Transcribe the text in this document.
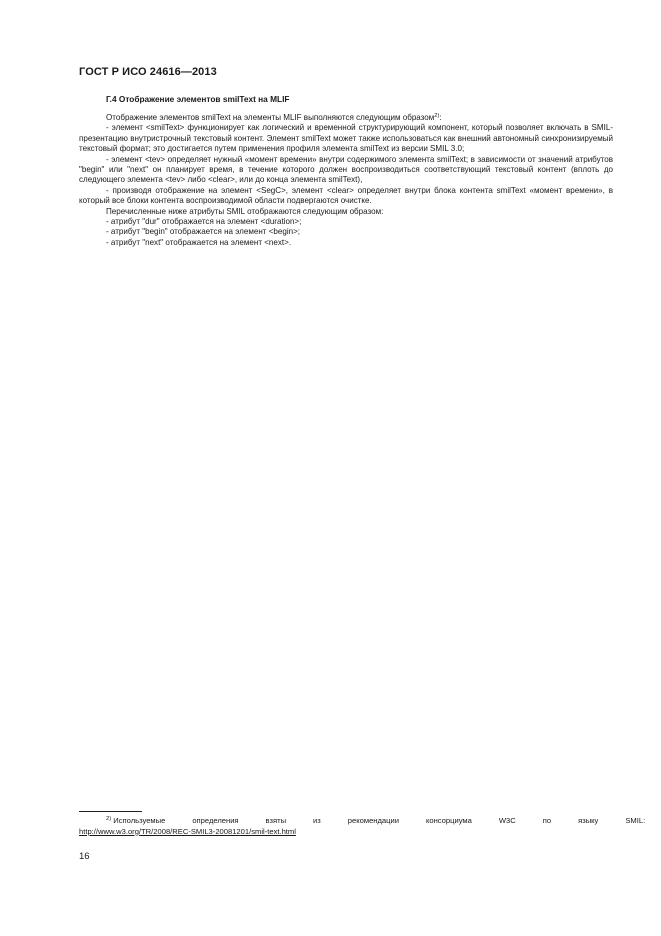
ГОСТ Р ИСО 24616—2013
Г.4 Отображение элементов smilText на MLIF

Отображение элементов smilText на элементы MLIF выполняются следующим образом$^{2)}$:

- элемент <smilText> функционирует как логический и временной структурирующий компонент, который позволяет включать в SMIL-презентацию внутристрочный текстовый контент. Элемент smilText может также использоваться как внешний автономный синхронизируемый текстовый формат; это достигается путем применения профиля элемента smilText из версии SMIL 3.0;

- элемент <tev> определяет нужный «момент времени» внутри содержимого элемента smilText; в зависимости от значений атрибутов "begin" или "next" он планирует время, в течение которого должен воспроизводиться соответствующий текстовый контент (вплоть до следующего элемента <tev> либо <clear>, или до конца элемента smilText),

- производя отображение на элемент <SegC>, элемент <clear> определяет внутри блока контента smilText «момент времени», в который все блоки контента воспроизводимой области подвергаются очистке.

Перечисленные ниже атрибуты SMIL отображаются следующим образом:

- атрибут "dur" отображается на элемент <duration>;

- атрибут "begin" отображается на элемент <begin>;

- атрибут "next" отображается на элемент <next>.

$^{2)}$ Используемые	определения	взяты	из	рекомендации	консорциума	W3C	по	языку	SMIL:
http://www.w3.org/TR/2008/REC-SMIL3-20081201/smil-text.html
16
